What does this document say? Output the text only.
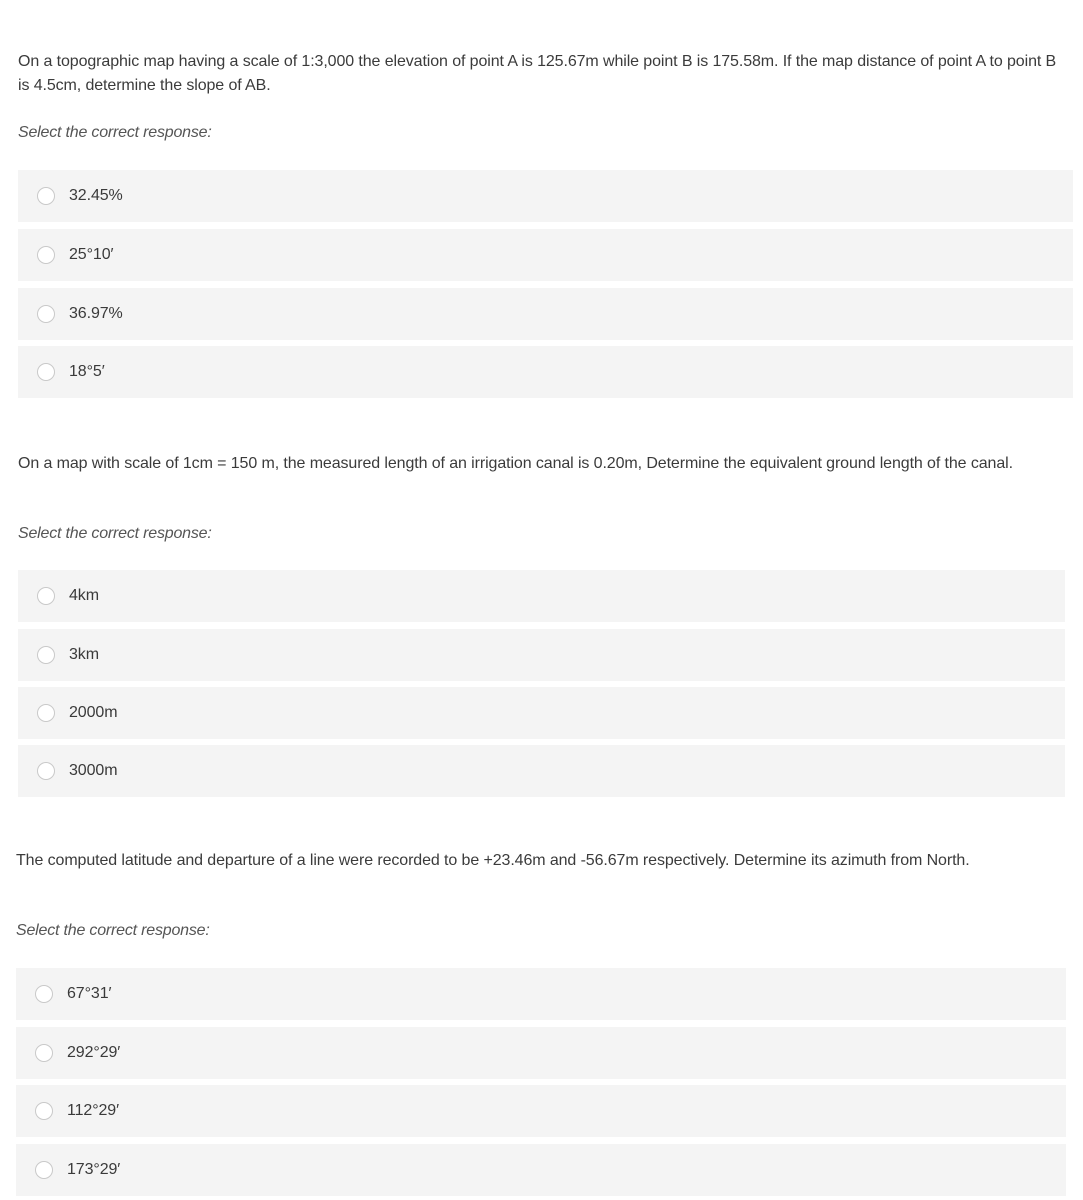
On a topographic map having a scale of 1:3,000 the elevation of point A is 125.67m while point B is 175.58m. If the map distance of point A to point B is 4.5cm, determine the slope of AB.

Select the correct response:

32.45%
25°10′
36.97%
18°5′

On a map with scale of 1cm = 150 m, the measured length of an irrigation canal is 0.20m, Determine the equivalent ground length of the canal.

Select the correct response:

4km
3km
2000m
3000m

The computed latitude and departure of a line were recorded to be +23.46m and -56.67m respectively. Determine its azimuth from North.

Select the correct response:

67°31′
292°29′
112°29′
173°29′
